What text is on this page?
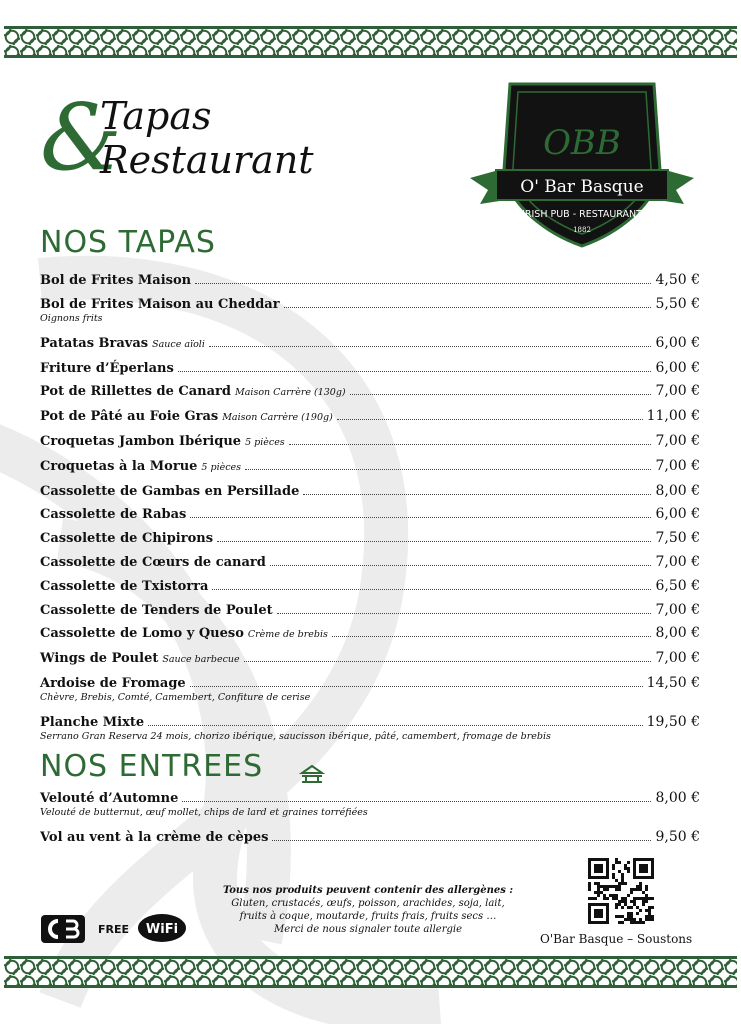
&
Tapas
Restaurant	OBB
O' Bar Basque
IRISH PUB - RESTAURANT
1882
NOS TAPAS
Bol de Frites Maison	4,50 €
Bol de Frites Maison au Cheddar	5,50 €
Oignons frits
Patatas Bravas Sauce aïoli	6,00 €
Friture d’Éperlans	6,00 €
Pot de Rillettes de Canard Maison Carrère (130g)	7,00 €
Pot de Pâté au Foie Gras Maison Carrère (190g)	11,00 €
Croquetas Jambon Ibérique 5 pièces	7,00 €
Croquetas à la Morue 5 pièces	7,00 €
Cassolette de Gambas en Persillade	8,00 €
Cassolette de Rabas	6,00 €
Cassolette de Chipirons	7,50 €
Cassolette de Cœurs de canard	7,00 €
Cassolette de Txistorra	6,50 €
Cassolette de Tenders de Poulet	7,00 €
Cassolette de Lomo y Queso Crème de brebis	8,00 €
Wings de Poulet Sauce barbecue	7,00 €
Ardoise de Fromage	14,50 €
Chèvre, Brebis, Comté, Camembert, Confiture de cerise
Planche Mixte	19,50 €
Serrano Gran Reserva 24 mois, chorizo ibérique, saucisson ibérique, pâté, camembert, fromage de brebis
NOS ENTREES
Velouté d’Automne	8,00 €
Velouté de butternut, œuf mollet, chips de lard et graines torréfiées
Vol au vent à la crème de cèpes	9,50 €
FREE WiFi
Tous nos produits peuvent contenir des allergènes :
Gluten, crustacés, œufs, poisson, arachides, soja, lait,
fruits à coque, moutarde, fruits frais, fruits secs …
Merci de nous signaler toute allergie
O'Bar Basque – Soustons
